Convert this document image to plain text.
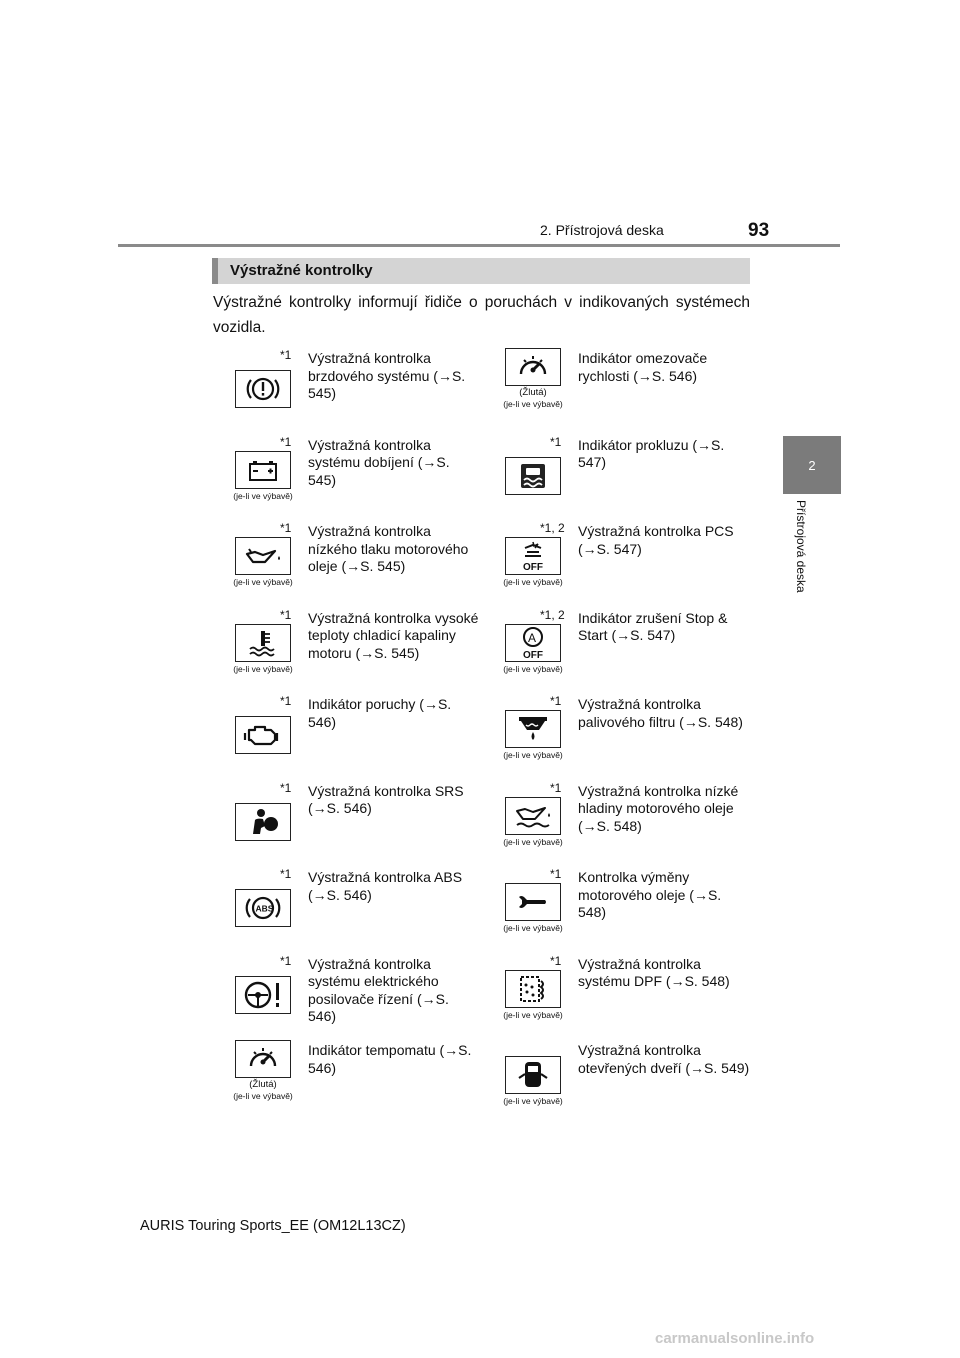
2. Přístrojová deska	93
2
Přístrojová deska
Výstražné kontrolky
Výstražné kontrolky informují řidiče o poruchách v indikovaných systémech vozidla.
*1 Výstražná kontrolka brzdového systému (→S. 545)	(Žlutá)
(je-li ve výbavě)
Indikátor omezovače rychlosti (→S. 546)
*1
(je-li ve výbavě)
Výstražná kontrolka systému dobíjení (→S. 545)
*1 Indikátor prokluzu (→S. 547)
*1
(je-li ve výbavě)
Výstražná kontrolka nízkého tlaku motorového oleje (→S. 545)
*1, 2
OFF
(je-li ve výbavě)
Výstražná kontrolka PCS (→S. 547)
*1
(je-li ve výbavě)
Výstražná kontrolka vysoké teploty chladicí kapaliny motoru (→S. 545)
*1, 2
A
OFF
(je-li ve výbavě)
Indikátor zrušení Stop & Start (→S. 547)
*1 Indikátor poruchy (→S. 546)
*1
(je-li ve výbavě)
Výstražná kontrolka palivového filtru (→S. 548)
*1 Výstražná kontrolka SRS (→S. 546)
*1
(je-li ve výbavě)
Výstražná kontrolka nízké hladiny motorového oleje (→S. 548)
*1
ABS
Výstražná kontrolka ABS (→S. 546)
*1
(je-li ve výbavě)
Kontrolka výměny motorového oleje (→S. 548)
*1 Výstražná kontrolka systému elektrického posilovače řízení (→S. 546)
*1
(je-li ve výbavě)
Výstražná kontrolka systému DPF (→S. 548)
(Žlutá)
(je-li ve výbavě)
Indikátor tempomatu (→S. 546)
(je-li ve výbavě)
Výstražná kontrolka otevřených dveří (→S. 549)
AURIS Touring Sports_EE (OM12L13CZ)
carmanualsonline.info
